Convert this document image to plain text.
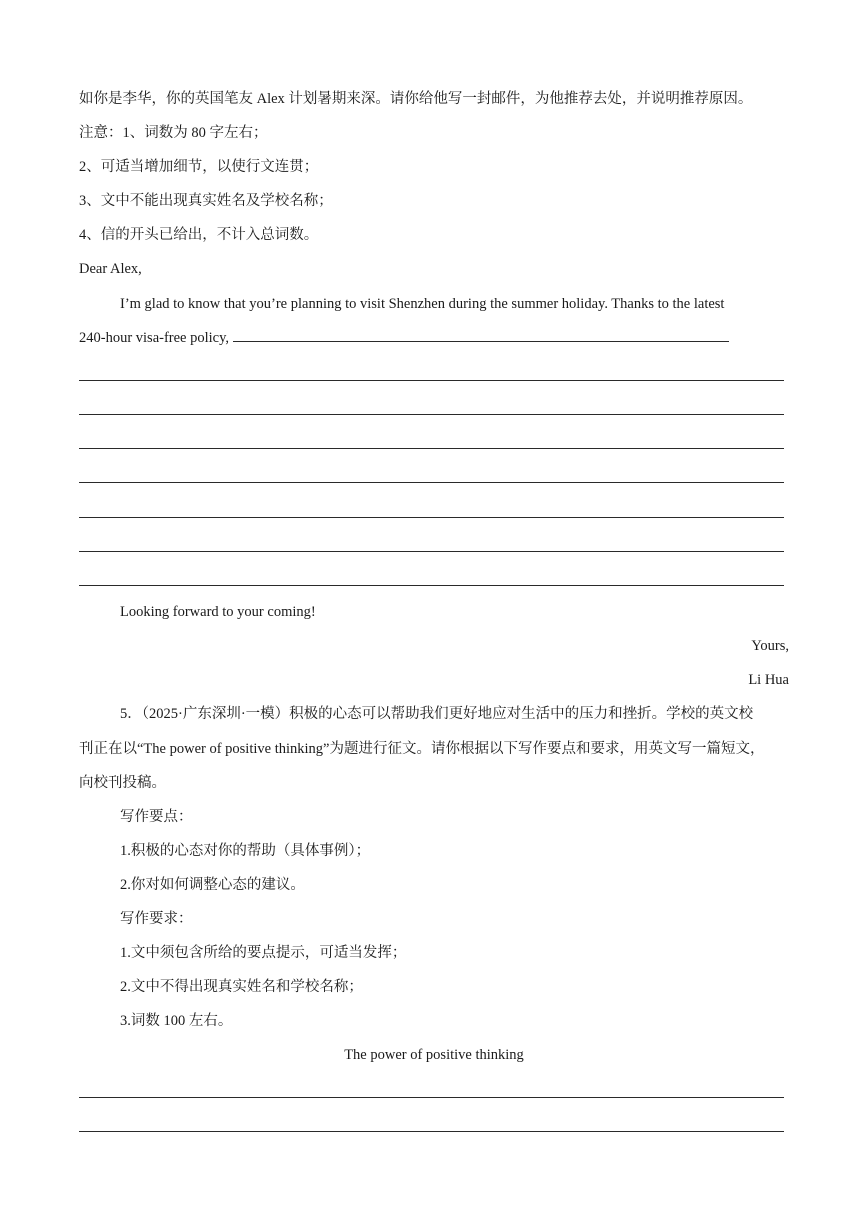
如你是李华，你的英国笔友 Alex 计划暑期来深。请你给他写一封邮件，为他推荐去处，并说明推荐原因。
注意：1、词数为 80 字左右；
2、可适当增加细节，以使行文连贯；
3、文中不能出现真实姓名及学校名称；
4、信的开头已给出，不计入总词数。
Dear Alex,
I’m glad to know that you’re planning to visit Shenzhen during the summer holiday. Thanks to the latest
240-hour visa-free policy,
Looking forward to your coming!
Yours,
Li Hua
5．（2025·广东深圳·一模）积极的心态可以帮助我们更好地应对生活中的压力和挫折。学校的英文校
刊正在以“The power of positive thinking”为题进行征文。请你根据以下写作要点和要求，用英文写一篇短文，
向校刊投稿。
写作要点：
1.积极的心态对你的帮助（具体事例）；
2.你对如何调整心态的建议。
写作要求：
1.文中须包含所给的要点提示，可适当发挥；
2.文中不得出现真实姓名和学校名称；
3.词数 100 左右。
The power of positive thinking
